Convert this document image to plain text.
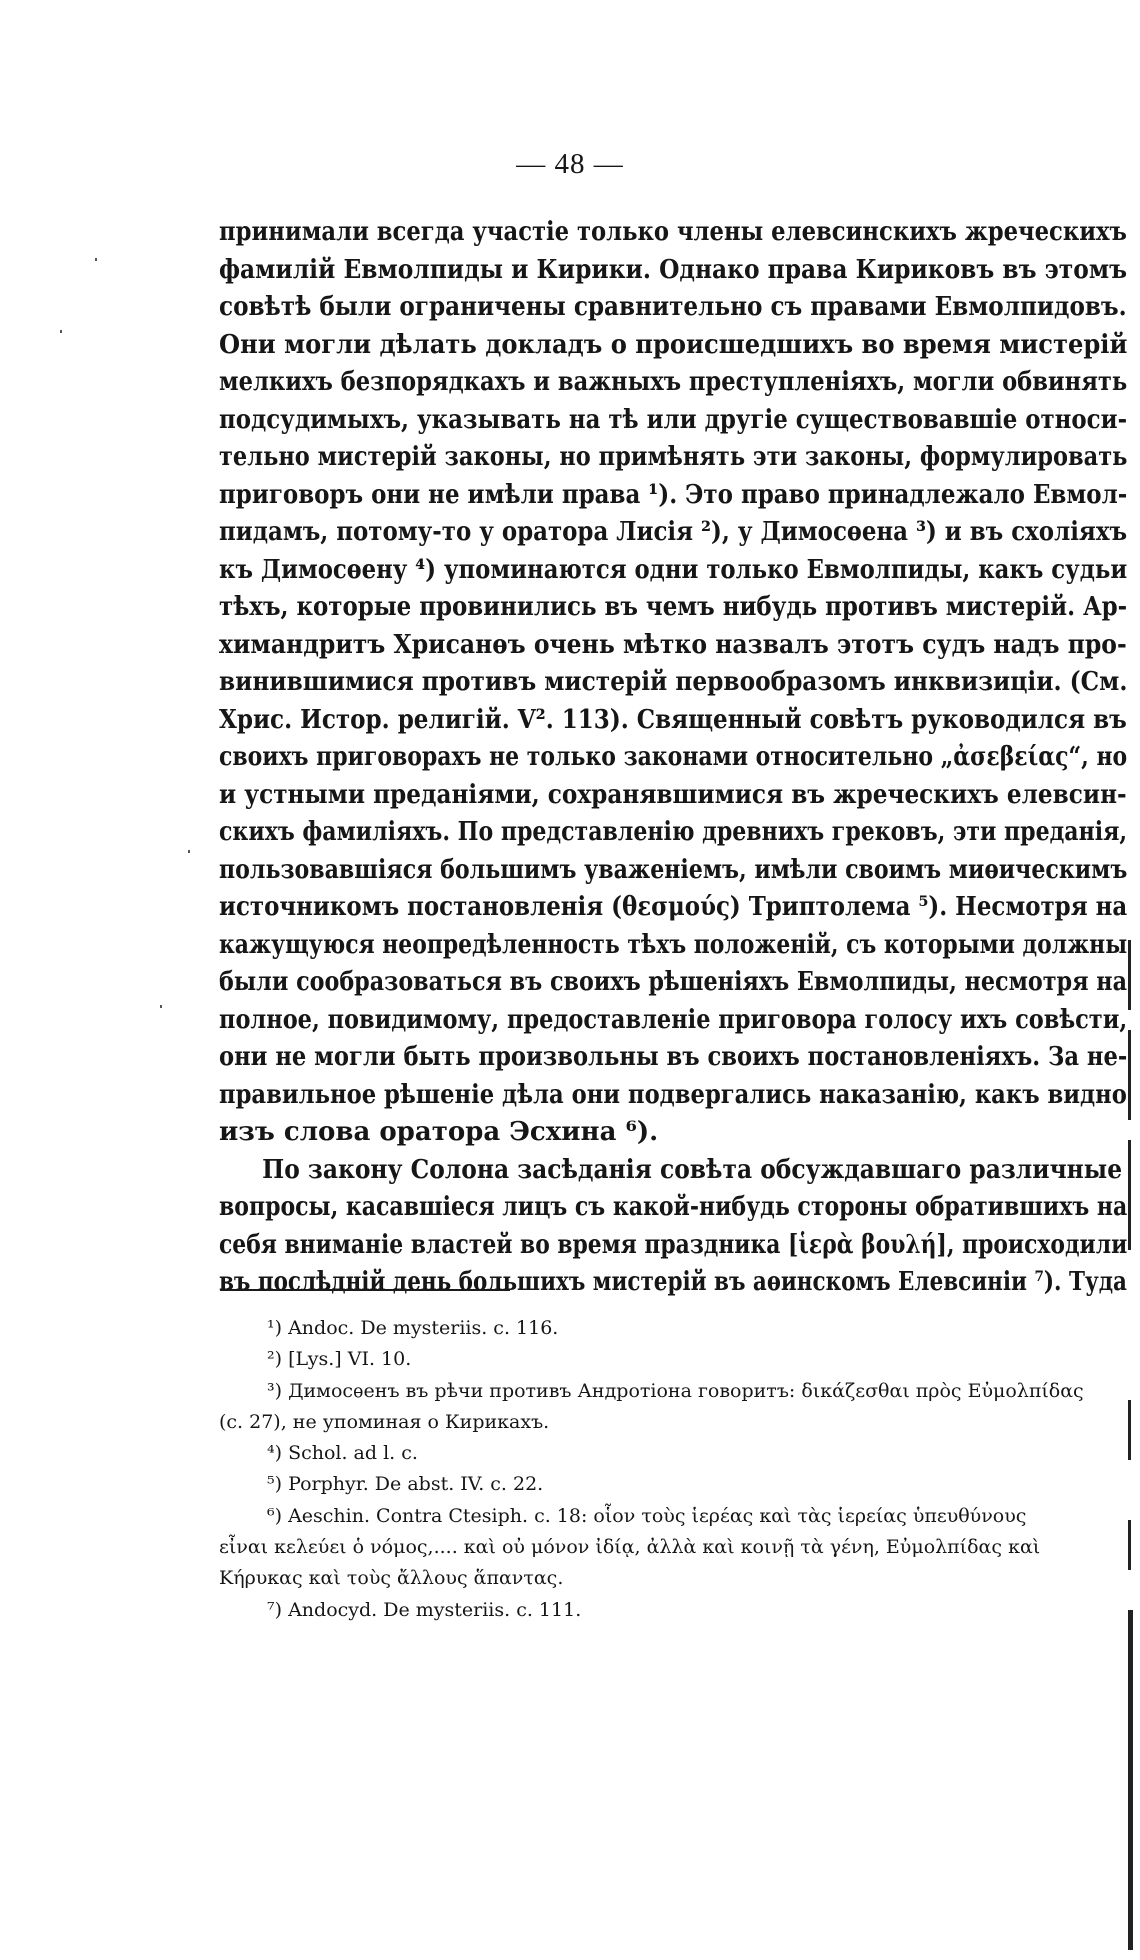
— 48 —
принимали всегда участіе только члены елевсинскихъ жреческихъ
фамилій Евмолпиды и Кирики. Однако права Кириковъ въ этомъ
совѣтѣ были ограничены сравнительно съ правами Евмолпидовъ.
Они могли дѣлать докладъ о происшедшихъ во время мистерій
мелкихъ безпорядкахъ и важныхъ преступленіяхъ, могли обвинять
подсудимыхъ, указывать на тѣ или другіе существовавшіе относи-
тельно мистерій законы, но примѣнять эти законы, формулировать
приговоръ они не имѣли права ¹). Это право принадлежало Евмол-
пидамъ, потому-то у оратора Лисія ²), у Димосѳена ³) и въ схоліяхъ
къ Димосѳену ⁴) упоминаются одни только Евмолпиды, какъ судьи
тѣхъ, которые провинились въ чемъ нибудь противъ мистерій. Ар-
химандритъ Хрисанѳъ очень мѣтко назвалъ этотъ судъ надъ про-
винившимися противъ мистерій первообразомъ инквизиціи. (См.
Хрис. Истор. религій. V². 113). Священный совѣтъ руководился въ
своихъ приговорахъ не только законами относительно „ἀσεβείας“, но
и устными преданіями, сохранявшимися въ жреческихъ елевсин-
скихъ фамиліяхъ. По представленію древнихъ грековъ, эти преданія,
пользовавшіяся большимъ уваженіемъ, имѣли своимъ миѳическимъ
источникомъ постановленія (θεσμούς) Триптолема ⁵). Несмотря на
кажущуюся неопредѣленность тѣхъ положеній, съ которыми должны
были сообразоваться въ своихъ рѣшеніяхъ Евмолпиды, несмотря на
полное, повидимому, предоставленіе приговора голосу ихъ совѣсти,
они не могли быть произвольны въ своихъ постановленіяхъ. За не-
правильное рѣшеніе дѣла они подвергались наказанію, какъ видно
изъ слова оратора Эсхина ⁶).
По закону Солона засѣданія совѣта обсуждавшаго различные
вопросы, касавшіеся лицъ съ какой-нибудь стороны обратившихъ на
себя вниманіе властей во время праздника [ἱερὰ βουλή], происходили
въ послѣдній день большихъ мистерій въ аѳинскомъ Елевсиніи ⁷). Туда
¹) Andoc. De mysteriis. c. 116.
²) [Lys.] VI. 10.
³) Димосѳенъ въ рѣчи противъ Андротіона говоритъ: δικάζεσθαι πρὸς Εὐμολπίδας
(c. 27), не упоминая о Кирикахъ.
⁴) Schol. ad l. c.
⁵) Porphyr. De abst. IV. c. 22.
⁶) Aeschin. Contra Ctesiph. c. 18: οἷον τοὺς ἱερέας καὶ τὰς ἱερείας ὑπευθύνους
εἶναι κελεύει ὁ νόμος,.... καὶ οὐ μόνον ἰδίᾳ, ἀλλὰ καὶ κοινῇ τὰ γένη, Εὐμολπίδας καὶ
Κήρυκας καὶ τοὺς ἄλλους ἅπαντας.
⁷) Andocyd. De mysteriis. c. 111.
